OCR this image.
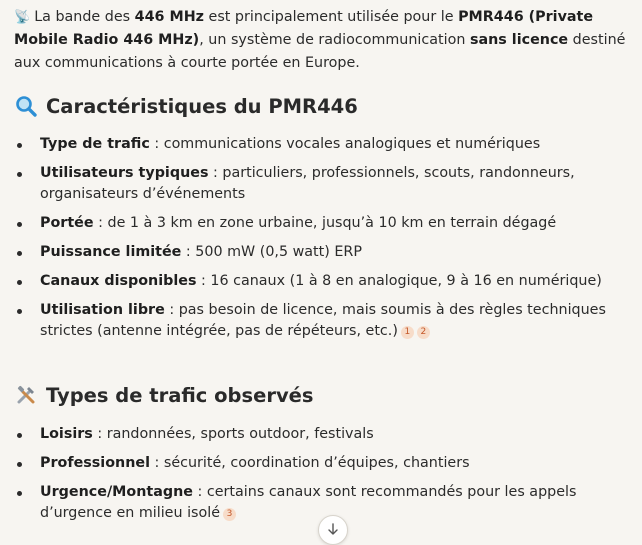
📡 La bande des 446 MHz est principalement utilisée pour le PMR446 (Private Mobile Radio 446 MHz), un système de radiocommunication sans licence destiné aux communications à courte portée en Europe.

Caractéristiques du PMR446
Type de trafic : communications vocales analogiques et numériques
Utilisateurs typiques : particuliers, professionnels, scouts, randonneurs, organisateurs d’événements
Portée : de 1 à 3 km en zone urbaine, jusqu’à 10 km en terrain dégagé
Puissance limitée : 500 mW (0,5 watt) ERP
Canaux disponibles : 16 canaux (1 à 8 en analogique, 9 à 16 en numérique)
Utilisation libre : pas besoin de licence, mais soumis à des règles techniques strictes (antenne intégrée, pas de répéteurs, etc.) 1 2
Types de trafic observés
Loisirs : randonnées, sports outdoor, festivals
Professionnel : sécurité, coordination d’équipes, chantiers
Urgence/Montagne : certains canaux sont recommandés pour les appels d’urgence en milieu isolé 3
